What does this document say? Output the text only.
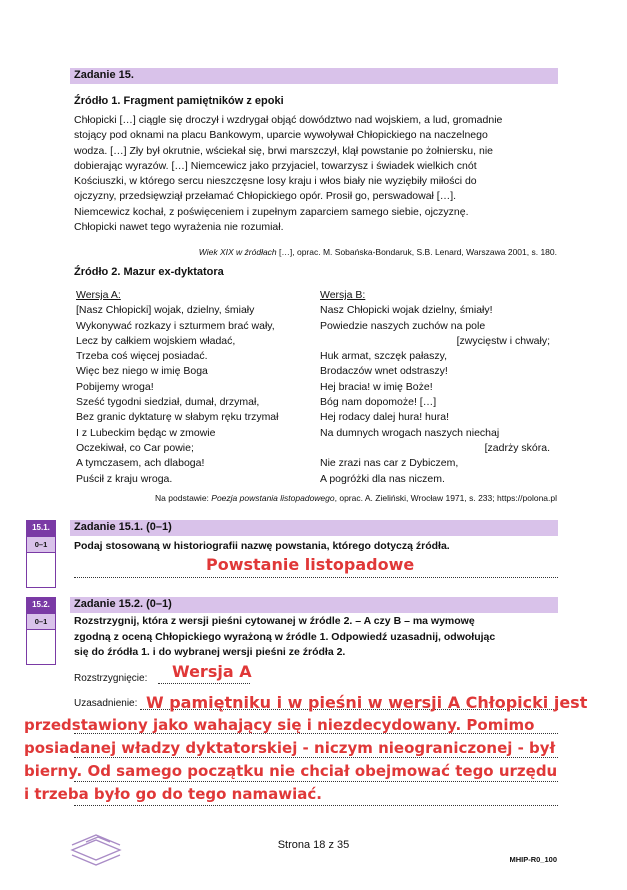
Zadanie 15.
Źródło 1. Fragment pamiętników z epoki
Chłopicki […] ciągle się droczył i wzdrygał objąć dowództwo nad wojskiem, a lud, gromadnie
stojący pod oknami na placu Bankowym, uparcie wywoływał Chłopickiego na naczelnego
wodza. […] Zły był okrutnie, wściekał się, brwi marszczył, klął powstanie po żołniersku, nie
dobierając wyrazów. […] Niemcewicz jako przyjaciel, towarzysz i świadek wielkich cnót
Kościuszki, w którego sercu nieszczęsne losy kraju i włos biały nie wyziębiły miłości do
ojczyzny, przedsięwziął przełamać Chłopickiego opór. Prosił go, perswadował […].
Niemcewicz kochał, z poświęceniem i zupełnym zaparciem samego siebie, ojczyznę.
Chłopicki nawet tego wyrażenia nie rozumiał.
Wiek XIX w źródłach […], oprac. M. Sobańska-Bondaruk, S.B. Lenard, Warszawa 2001, s. 180.
Źródło 2. Mazur ex-dyktatora
Wersja A:
[Nasz Chłopicki] wojak, dzielny, śmiały
Wykonywać rozkazy i szturmem brać wały,
Lecz by całkiem wojskiem władać,
Trzeba coś więcej posiadać.
Więc bez niego w imię Boga
Pobijemy wroga!
Sześć tygodni siedział, dumał, drzymał,
Bez granic dyktaturę w słabym ręku trzymał
I z Lubeckim będąc w zmowie
Oczekiwał, co Car powie;
A tymczasem, ach dlaboga!
Puścił z kraju wroga.
Wersja B:
Nasz Chłopicki wojak dzielny, śmiały!
Powiedzie naszych zuchów na pole
[zwycięstw i chwały;
Huk armat, szczęk pałaszy,
Brodaczów wnet odstraszy!
Hej bracia! w imię Boże!
Bóg nam dopomoże! […]
Hej rodacy dalej hura! hura!
Na dumnych wrogach naszych niechaj
[zadrży skóra.
Nie zrazi nas car z Dybiczem,
A pogróżki dla nas niczem.
Na podstawie: Poezja powstania listopadowego, oprac. A. Zieliński, Wrocław 1971, s. 233; https://polona.pl
15.1.	Zadanie 15.1. (0–1)
0–1	Podaj stosowaną w historiografii nazwę powstania, którego dotyczą źródła.
Powstanie listopadowe
15.2.	Zadanie 15.2. (0–1)
0–1	Rozstrzygnij, która z wersji pieśni cytowanej w źródle 2. – A czy B – ma wymowę
zgodną z oceną Chłopickiego wyrażoną w źródle 1. Odpowiedź uzasadnij, odwołując
się do źródła 1. i do wybranej wersji pieśni ze źródła 2.
Wersja A
Rozstrzygnięcie:
Uzasadnienie: W pamiętniku i w pieśni w wersji A Chłopicki jest
przedstawiony jako wahający się i niezdecydowany. Pomimo
posiadanej władzy dyktatorskiej - niczym nieograniczonej - był
bierny. Od samego początku nie chciał obejmować tego urzędu
i trzeba było go do tego namawiać.
Strona 18 z 35
MHIP-R0_100
